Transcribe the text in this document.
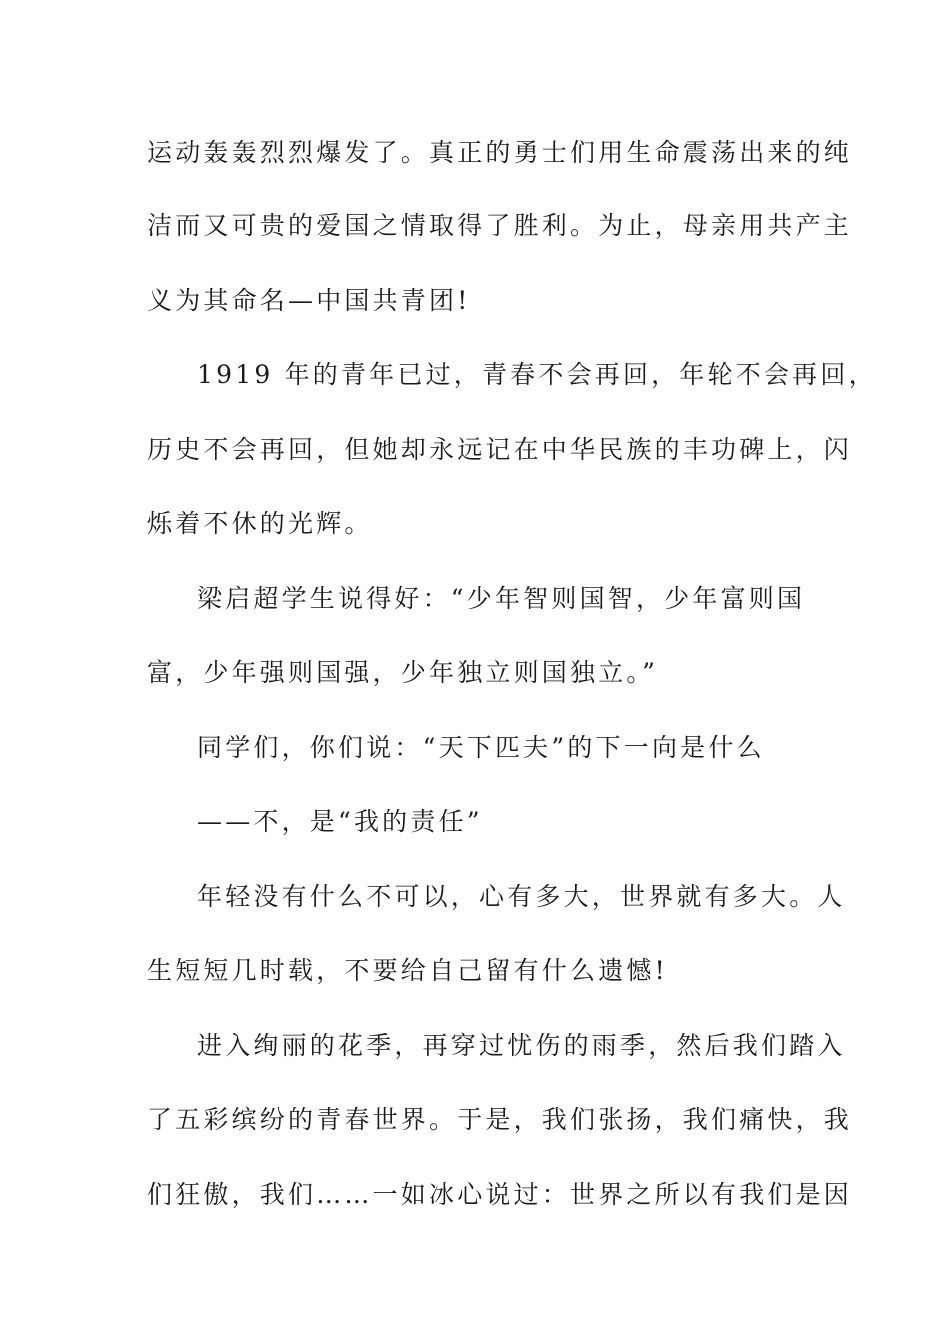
运动轰轰烈烈爆发了。真正的勇士们用生命震荡出来的纯
洁而又可贵的爱国之情取得了胜利。为止，母亲用共产主
义为其命名—中国共青团!
1919 年的青年已过，青春不会再回，年轮不会再回，
历史不会再回，但她却永远记在中华民族的丰功碑上，闪
烁着不休的光辉。
梁启超学生说得好：“少年智则国智，少年富则国
富，少年强则国强，少年独立则国独立。”
同学们，你们说：“天下匹夫”的下一向是什么
——不，是“我的责任”
年轻没有什么不可以，心有多大，世界就有多大。人
生短短几时载，不要给自己留有什么遗憾!
进入绚丽的花季，再穿过忧伤的雨季，然后我们踏入
了五彩缤纷的青春世界。于是，我们张扬，我们痛快，我
们狂傲，我们……一如冰心说过：世界之所以有我们是因
